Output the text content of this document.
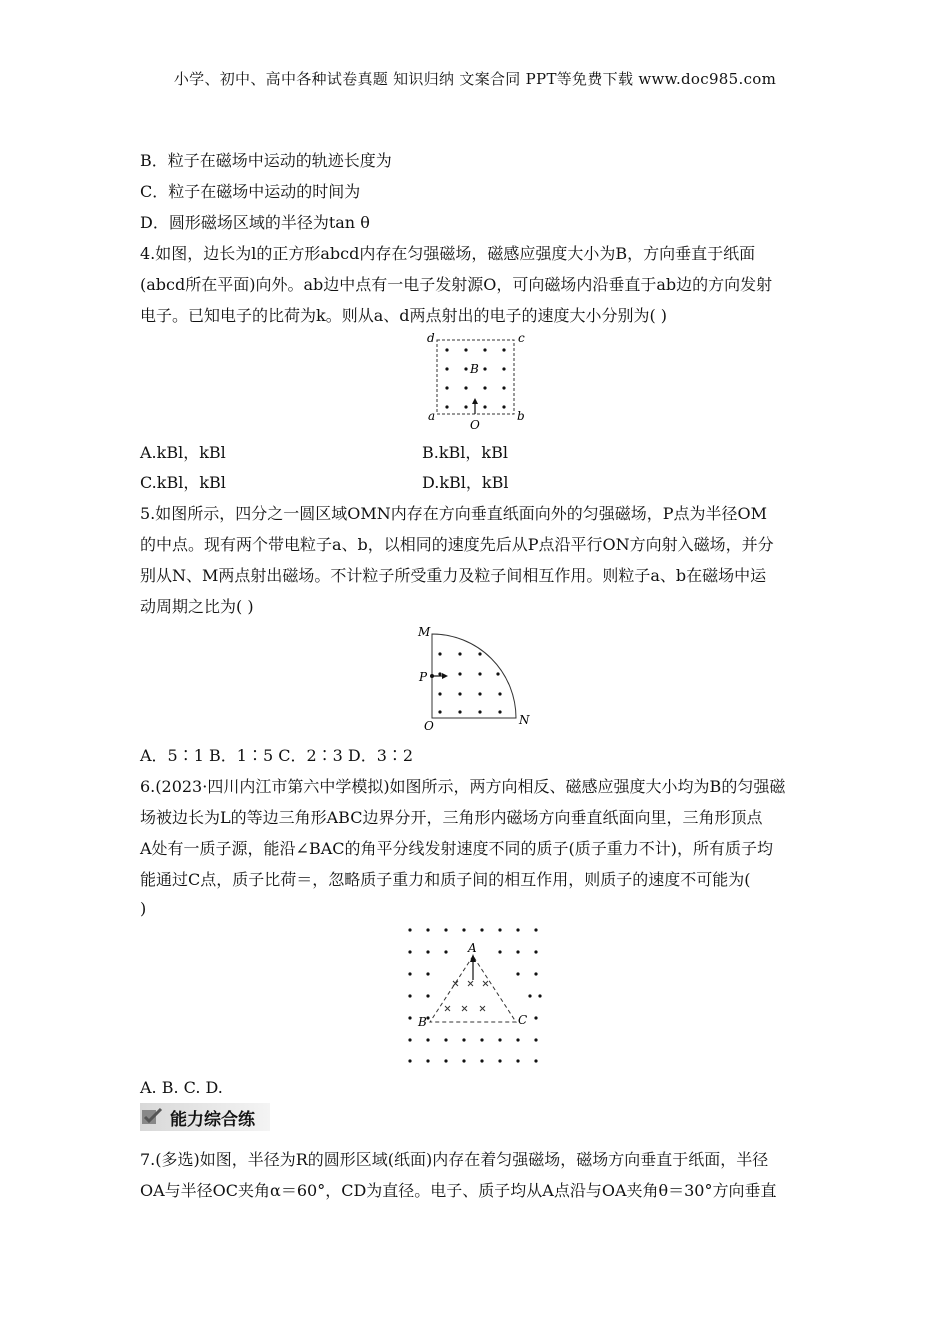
小学、初中、高中各种试卷真题 知识归纳 文案合同 PPT等免费下载 www.doc985.com
B．粒子在磁场中运动的轨迹长度为
C．粒子在磁场中运动的时间为
D．圆形磁场区域的半径为tan θ
4.如图，边长为l的正方形abcd内存在匀强磁场，磁感应强度大小为B，方向垂直于纸面
(abcd所在平面)向外。ab边中点有一电子发射源O，可向磁场内沿垂直于ab边的方向发射
电子。已知电子的比荷为k。则从a、d两点射出的电子的速度大小分别为( )
d	c
a	b
B
O
A.kBl，kBl	B.kBl，kBl
C.kBl，kBl	D.kBl，kBl
5.如图所示，四分之一圆区域OMN内存在方向垂直纸面向外的匀强磁场，P点为半径OM
的中点。现有两个带电粒子a、b，以相同的速度先后从P点沿平行ON方向射入磁场，并分
别从N、M两点射出磁场。不计粒子所受重力及粒子间相互作用。则粒子a、b在磁场中运
动周期之比为( )
M
P
O	N
A．5∶1 B．1∶5 C．2∶3 D．3∶2
6.(2023·四川内江市第六中学模拟)如图所示，两方向相反、磁感应强度大小均为B的匀强磁
场被边长为L的等边三角形ABC边界分开，三角形内磁场方向垂直纸面向里，三角形顶点
A处有一质子源，能沿∠BAC的角平分线发射速度不同的质子(质子重力不计)，所有质子均
能通过C点，质子比荷＝，忽略质子重力和质子间的相互作用，则质子的速度不可能为(
)
A
B	C
A. B. C. D.
能力综合练
7.(多选)如图，半径为R的圆形区域(纸面)内存在着匀强磁场，磁场方向垂直于纸面，半径
OA与半径OC夹角α＝60°，CD为直径。电子、质子均从A点沿与OA夹角θ＝30°方向垂直
